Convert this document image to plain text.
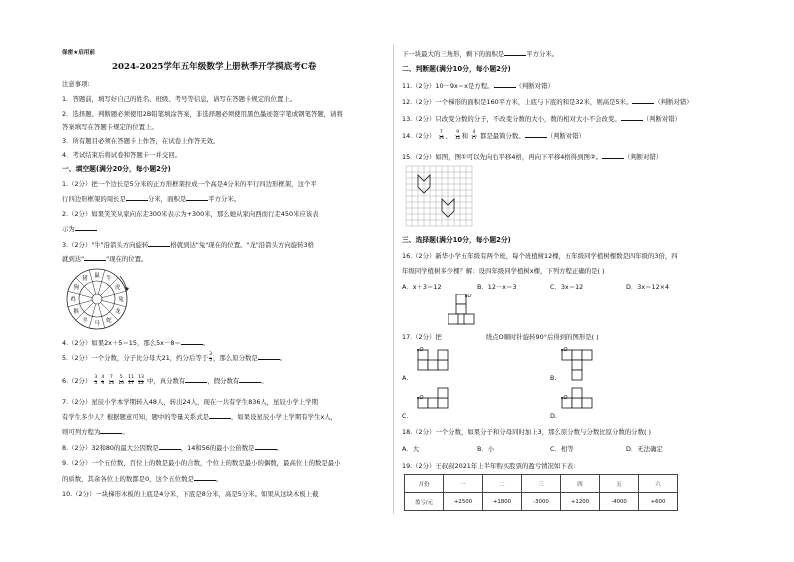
保密★启用前
2024-2025学年五年级数学上册秋季开学摸底考C卷
注意事项:
1．答题前，填写好自己的姓名、班级、考号等信息，请写在答题卡规定的位置上。
2．选择题、判断题必须使用2B铅笔填涂答案，非选择题必须使用黑色墨迹签字笔或钢笔答题，请将
答案填写在答题卡规定的位置上。
3．所有题目必须在答题卡上作答，在试卷上作答无效。
4．考试结束后将试卷和答题卡一并交回。
一、填空题(满分20分，每小题2分)
1.（2分）把一个边长是5分米的正方形框架拉成一个高是4分米的平行四边形框架，这个平
行四边形框架的周长是	分米，面积是	平方分米。
2.（2分）如果笑笑从家向东走300米表示为+300米，那么她从家向西而行走450米应该表
示为
3.（2分）"牛"沿箭头方向旋转	格就到达"兔"现在的位置。"龙"沿箭头方向旋转3格
就到达"	"现在的位置。
鼠
牛
虎
兔
龙
蛇
马
羊
猴
鸡
狗
猪
4.（2分）如果2x＋5＝15，那么5x－8＝	。
5.（2分）一个分数，分子比分母大21，约分后等于 $\frac{3}{5}$ ，那么原分数是	。
6.（2分） $\frac{3}{5}$
$\frac{4}{9}$
$\frac{7}{13}$
$\frac{5}{10}$
$\frac{11}{17}$
$\frac{13}{22}$ 中，真分数有	，假分数有	。
7.（2分）星辰小学本学期转入48人，转出24人，现在一共有学生836人，星辰小学上学期
有学生多少人？根据题意可知，题中的等量关系式是	，如果设星辰小学上学期有学生x人，
则可列方程为	。
8.（2分）32和80的最大公因数是	，14和56的最小公倍数是	。
9.（2分）一个五位数，百位上的数是最小的合数，个位上的数是最小的偶数，最高位上的数是最小
的质数，其余各位上的数都是0，这个五位数是	。
10.（2分）一块梯形木板的上底是4分米，下底是8分米，高是5分米。如果从这块木板上截
下一块最大的三角形，剩下的面积是	平方分米。
二、判断题(满分10分，每小题2分)
11.（2分）10－9x＝x是方程。	（判断对错）
12.（2分）一个梯形的面积是160平方米，上底与下底的和是32米，则高是5米。	（判断对错）
13.（2分）只改变分数的分子，不改变分数的大小，数的相对大小不会改变。	（判断对错）
14.（2分） $\frac{7}{10}$ 、 $\frac{9}{12}$ 和 $\frac{4}{17}$ 都是最简分数。	（判断对错）
15.（2分）如图，图①可以先向右平移4格，再向下平移4格得到图②。	（判断对错）
三、选择题(满分10分，每小题2分)
16.（2分）新华小学五年级有两个班，每个班植树12棵，五年级同学植树棵数是四年级的3倍，四
年级同学植树多少棵？解：设四年级同学植树x棵，下列方程正确的是( )
A．x＋3＝12	B．12－x＝3	C．3x＝12	D．3x＝12×4
O
17.（2分）把	绕点O顺时针旋转90°后得到的图形是( )
A.
O
B.
O
C.
O
D.
O
18.（2分）一个分数，如果分子和分母同时加上3，那么原分数与分数比原分数的分数( )
A．大	B．小	C．相等	D．无法确定
19.（2分）王叔叔2021年上半年购买股票的盈亏情况如下表：
月份	一	二	三	四	五	六
盈亏/元	+2500	+1800	-3000	+1200	-4000	+600
